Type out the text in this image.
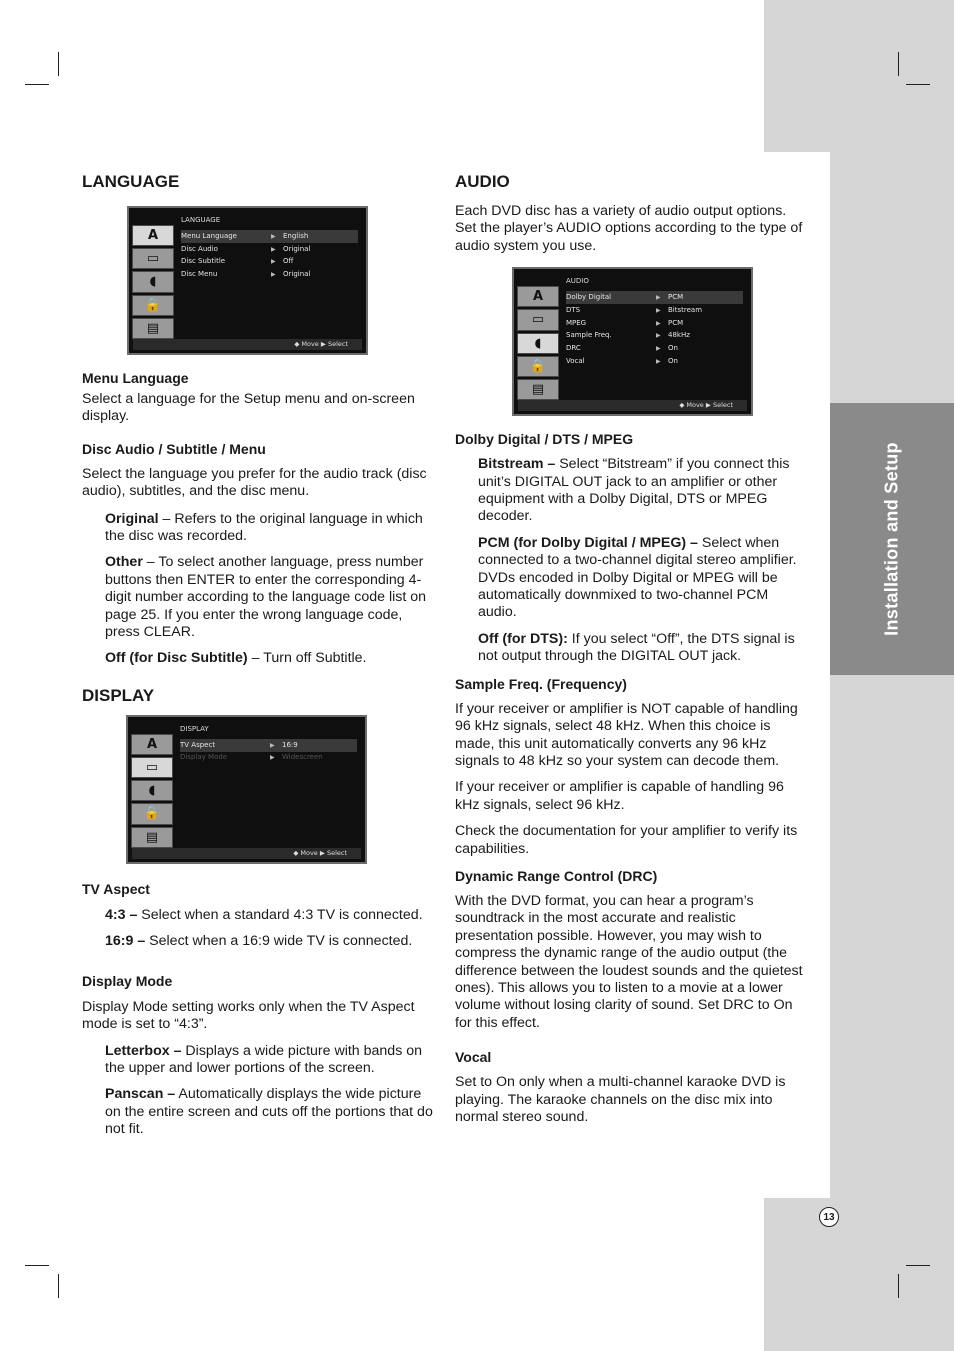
Installation and Setup
13
LANGUAGE
LANGUAGE
A
▭
◖
🔒
▤
Menu Language	▶	English
Disc Audio	▶	Original
Disc Subtitle	▶	Off
Disc Menu	▶	Original
◆ Move ▶ Select
Menu Language

Select a language for the Setup menu and on-screen display.

Disc Audio / Subtitle / Menu

Select the language you prefer for the audio track (disc audio), subtitles, and the disc menu.

Original – Refers to the original language in which the disc was recorded.

Other – To select another language, press number buttons then ENTER to enter the corresponding 4-digit number according to the language code list on page 25. If you enter the wrong language code, press CLEAR.

Off (for Disc Subtitle) – Turn off Subtitle.

DISPLAY
DISPLAY
A
▭
◖
🔒
▤
TV Aspect	▶	16:9
Display Mode	▶	Widescreen
◆ Move ▶ Select
TV Aspect

4:3 – Select when a standard 4:3 TV is connected.

16:9 – Select when a 16:9 wide TV is connected.

Display Mode

Display Mode setting works only when the TV Aspect mode is set to “4:3”.

Letterbox – Displays a wide picture with bands on the upper and lower portions of the screen.

Panscan – Automatically displays the wide picture on the entire screen and cuts off the portions that do not fit.

AUDIO

Each DVD disc has a variety of audio output options. Set the player’s AUDIO options according to the type of audio system you use.

AUDIO
A
▭
◖
🔒
▤
Dolby Digital	▶	PCM
DTS	▶	Bitstream
MPEG	▶	PCM
Sample Freq.	▶	48kHz
DRC	▶	On
Vocal	▶	On
◆ Move ▶ Select
Dolby Digital / DTS / MPEG

Bitstream – Select “Bitstream” if you connect this unit’s DIGITAL OUT jack to an amplifier or other equipment with a Dolby Digital, DTS or MPEG decoder.

PCM (for Dolby Digital / MPEG) – Select when connected to a two-channel digital stereo amplifier. DVDs encoded in Dolby Digital or MPEG will be automatically downmixed to two-channel PCM audio.

Off (for DTS): If you select “Off”, the DTS signal is not output through the DIGITAL OUT jack.

Sample Freq. (Frequency)

If your receiver or amplifier is NOT capable of handling 96 kHz signals, select 48 kHz. When this choice is made, this unit automatically converts any 96 kHz signals to 48 kHz so your system can decode them.

If your receiver or amplifier is capable of handling 96 kHz signals, select 96 kHz.

Check the documentation for your amplifier to verify its capabilities.

Dynamic Range Control (DRC)

With the DVD format, you can hear a program’s soundtrack in the most accurate and realistic presentation possible. However, you may wish to compress the dynamic range of the audio output (the difference between the loudest sounds and the quietest ones). This allows you to listen to a movie at a lower volume without losing clarity of sound. Set DRC to On for this effect.

Vocal

Set to On only when a multi-channel karaoke DVD is playing. The karaoke channels on the disc mix into normal stereo sound.
